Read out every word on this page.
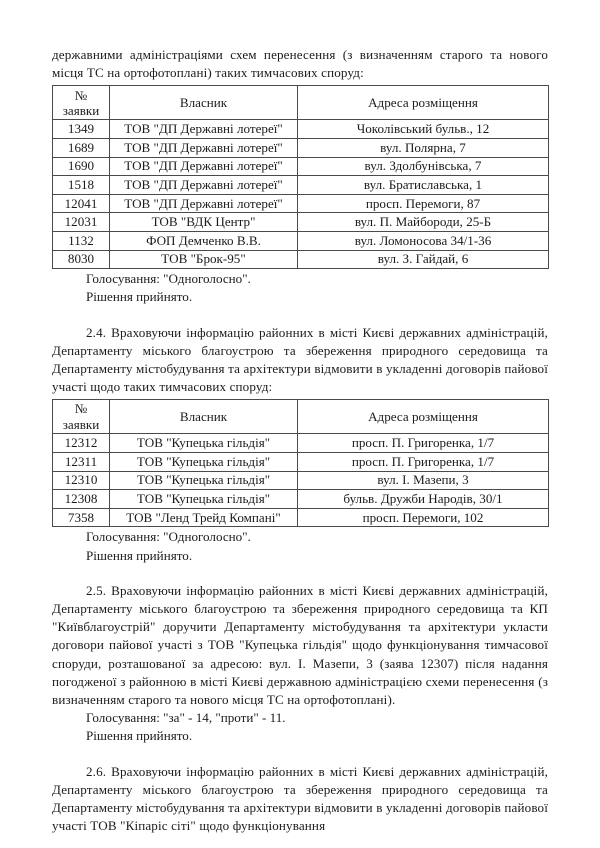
державними адміністраціями схем перенесення (з визначенням старого та нового місця ТС на ортофотоплані) таких тимчасових споруд:

№
заявки	Власник	Адреса розміщення
1349	ТОВ "ДП Державні лотереї"	Чоколівський бульв., 12
1689	ТОВ "ДП Державні лотереї"	вул. Полярна, 7
1690	ТОВ "ДП Державні лотереї"	вул. Здолбунівська, 7
1518	ТОВ "ДП Державні лотереї"	вул. Братиславська, 1
12041	ТОВ "ДП Державні лотереї"	просп. Перемоги, 87
12031	ТОВ "ВДК Центр"	вул. П. Майбороди, 25-Б
1132	ФОП Демченко В.В.	вул. Ломоносова 34/1-36
8030	ТОВ "Брок-95"	вул. З. Гайдай, 6

Голосування: "Одноголосно".

Рішення прийнято.

2.4. Враховуючи інформацію районних в місті Києві державних адміністрацій, Департаменту міського благоустрою та збереження природного середовища та Департаменту містобудування та архітектури відмовити в укладенні договорів пайової участі щодо таких тимчасових споруд:

№
заявки	Власник	Адреса розміщення
12312	ТОВ "Купецька гільдія"	просп. П. Григоренка, 1/7
12311	ТОВ "Купецька гільдія"	просп. П. Григоренка, 1/7
12310	ТОВ "Купецька гільдія"	вул. І. Мазепи, 3
12308	ТОВ "Купецька гільдія"	бульв. Дружби Народів, 30/1
7358	ТОВ "Ленд Трейд Компані"	просп. Перемоги, 102

Голосування: "Одноголосно".

Рішення прийнято.

2.5. Враховуючи інформацію районних в місті Києві державних адміністрацій, Департаменту міського благоустрою та збереження природного середовища та КП "Київблагоустрій" доручити Департаменту містобудування та архітектури укласти договори пайової участі з ТОВ "Купецька гільдія" щодо функціонування тимчасової споруди, розташованої за адресою: вул. І. Мазепи, 3 (заява 12307) після надання погодженої з районною в місті Києві державною адміністрацією схеми перенесення (з визначенням старого та нового місця ТС на ортофотоплані).

Голосування: "за" - 14, "проти" - 11.

Рішення прийнято.

2.6. Враховуючи інформацію районних в місті Києві державних адміністрацій, Департаменту міського благоустрою та збереження природного середовища та Департаменту містобудування та архітектури відмовити в укладенні договорів пайової участі ТОВ "Кіпаріс сіті" щодо функціонування
